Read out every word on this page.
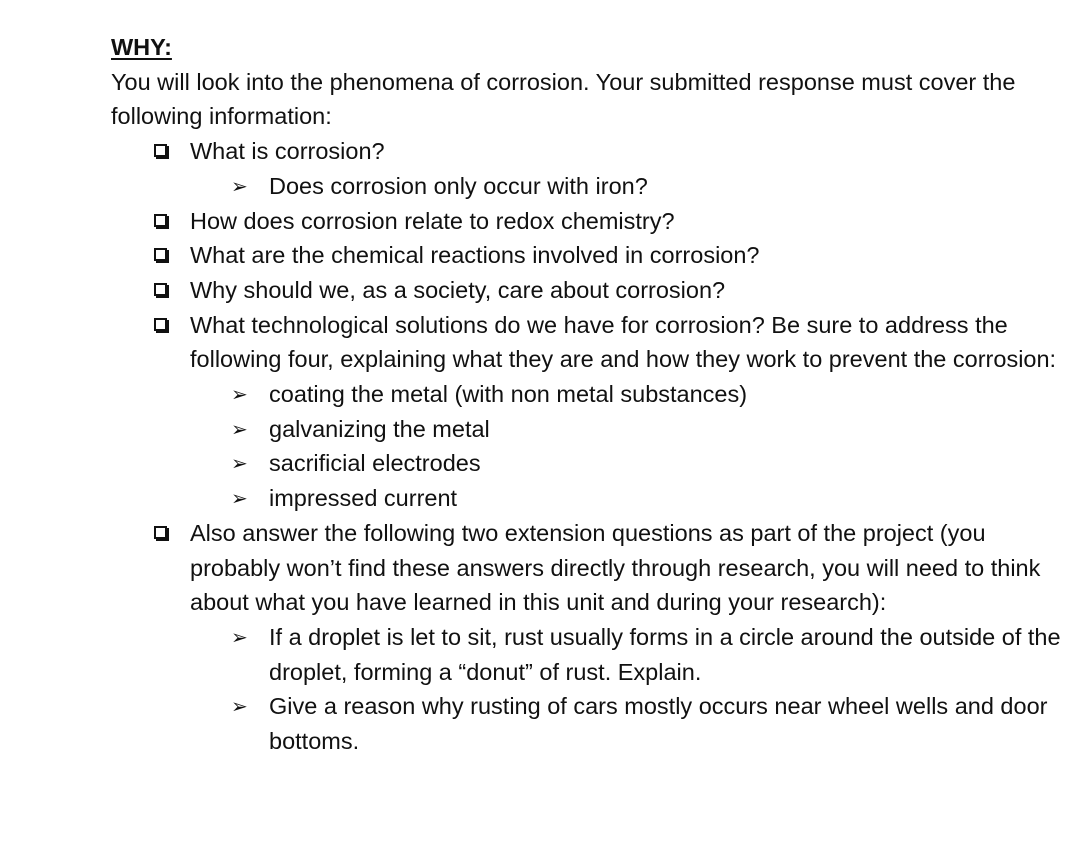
WHY:

You will look into the phenomena of corrosion. Your submitted response must cover the following information:

What is corrosion?
➢ Does corrosion only occur with iron?
How does corrosion relate to redox chemistry?
What are the chemical reactions involved in corrosion?
Why should we, as a society, care about corrosion?
What technological solutions do we have for corrosion? Be sure to address the following four, explaining what they are and how they work to prevent the corrosion:
➢ coating the metal (with non metal substances)
➢ galvanizing the metal
➢ sacrificial electrodes
➢ impressed current
Also answer the following two extension questions as part of the project (you probably won’t find these answers directly through research, you will need to think about what you have learned in this unit and during your research):
➢ If a droplet is let to sit, rust usually forms in a circle around the outside of the droplet, forming a “donut” of rust. Explain.
➢ Give a reason why rusting of cars mostly occurs near wheel wells and door bottoms.
